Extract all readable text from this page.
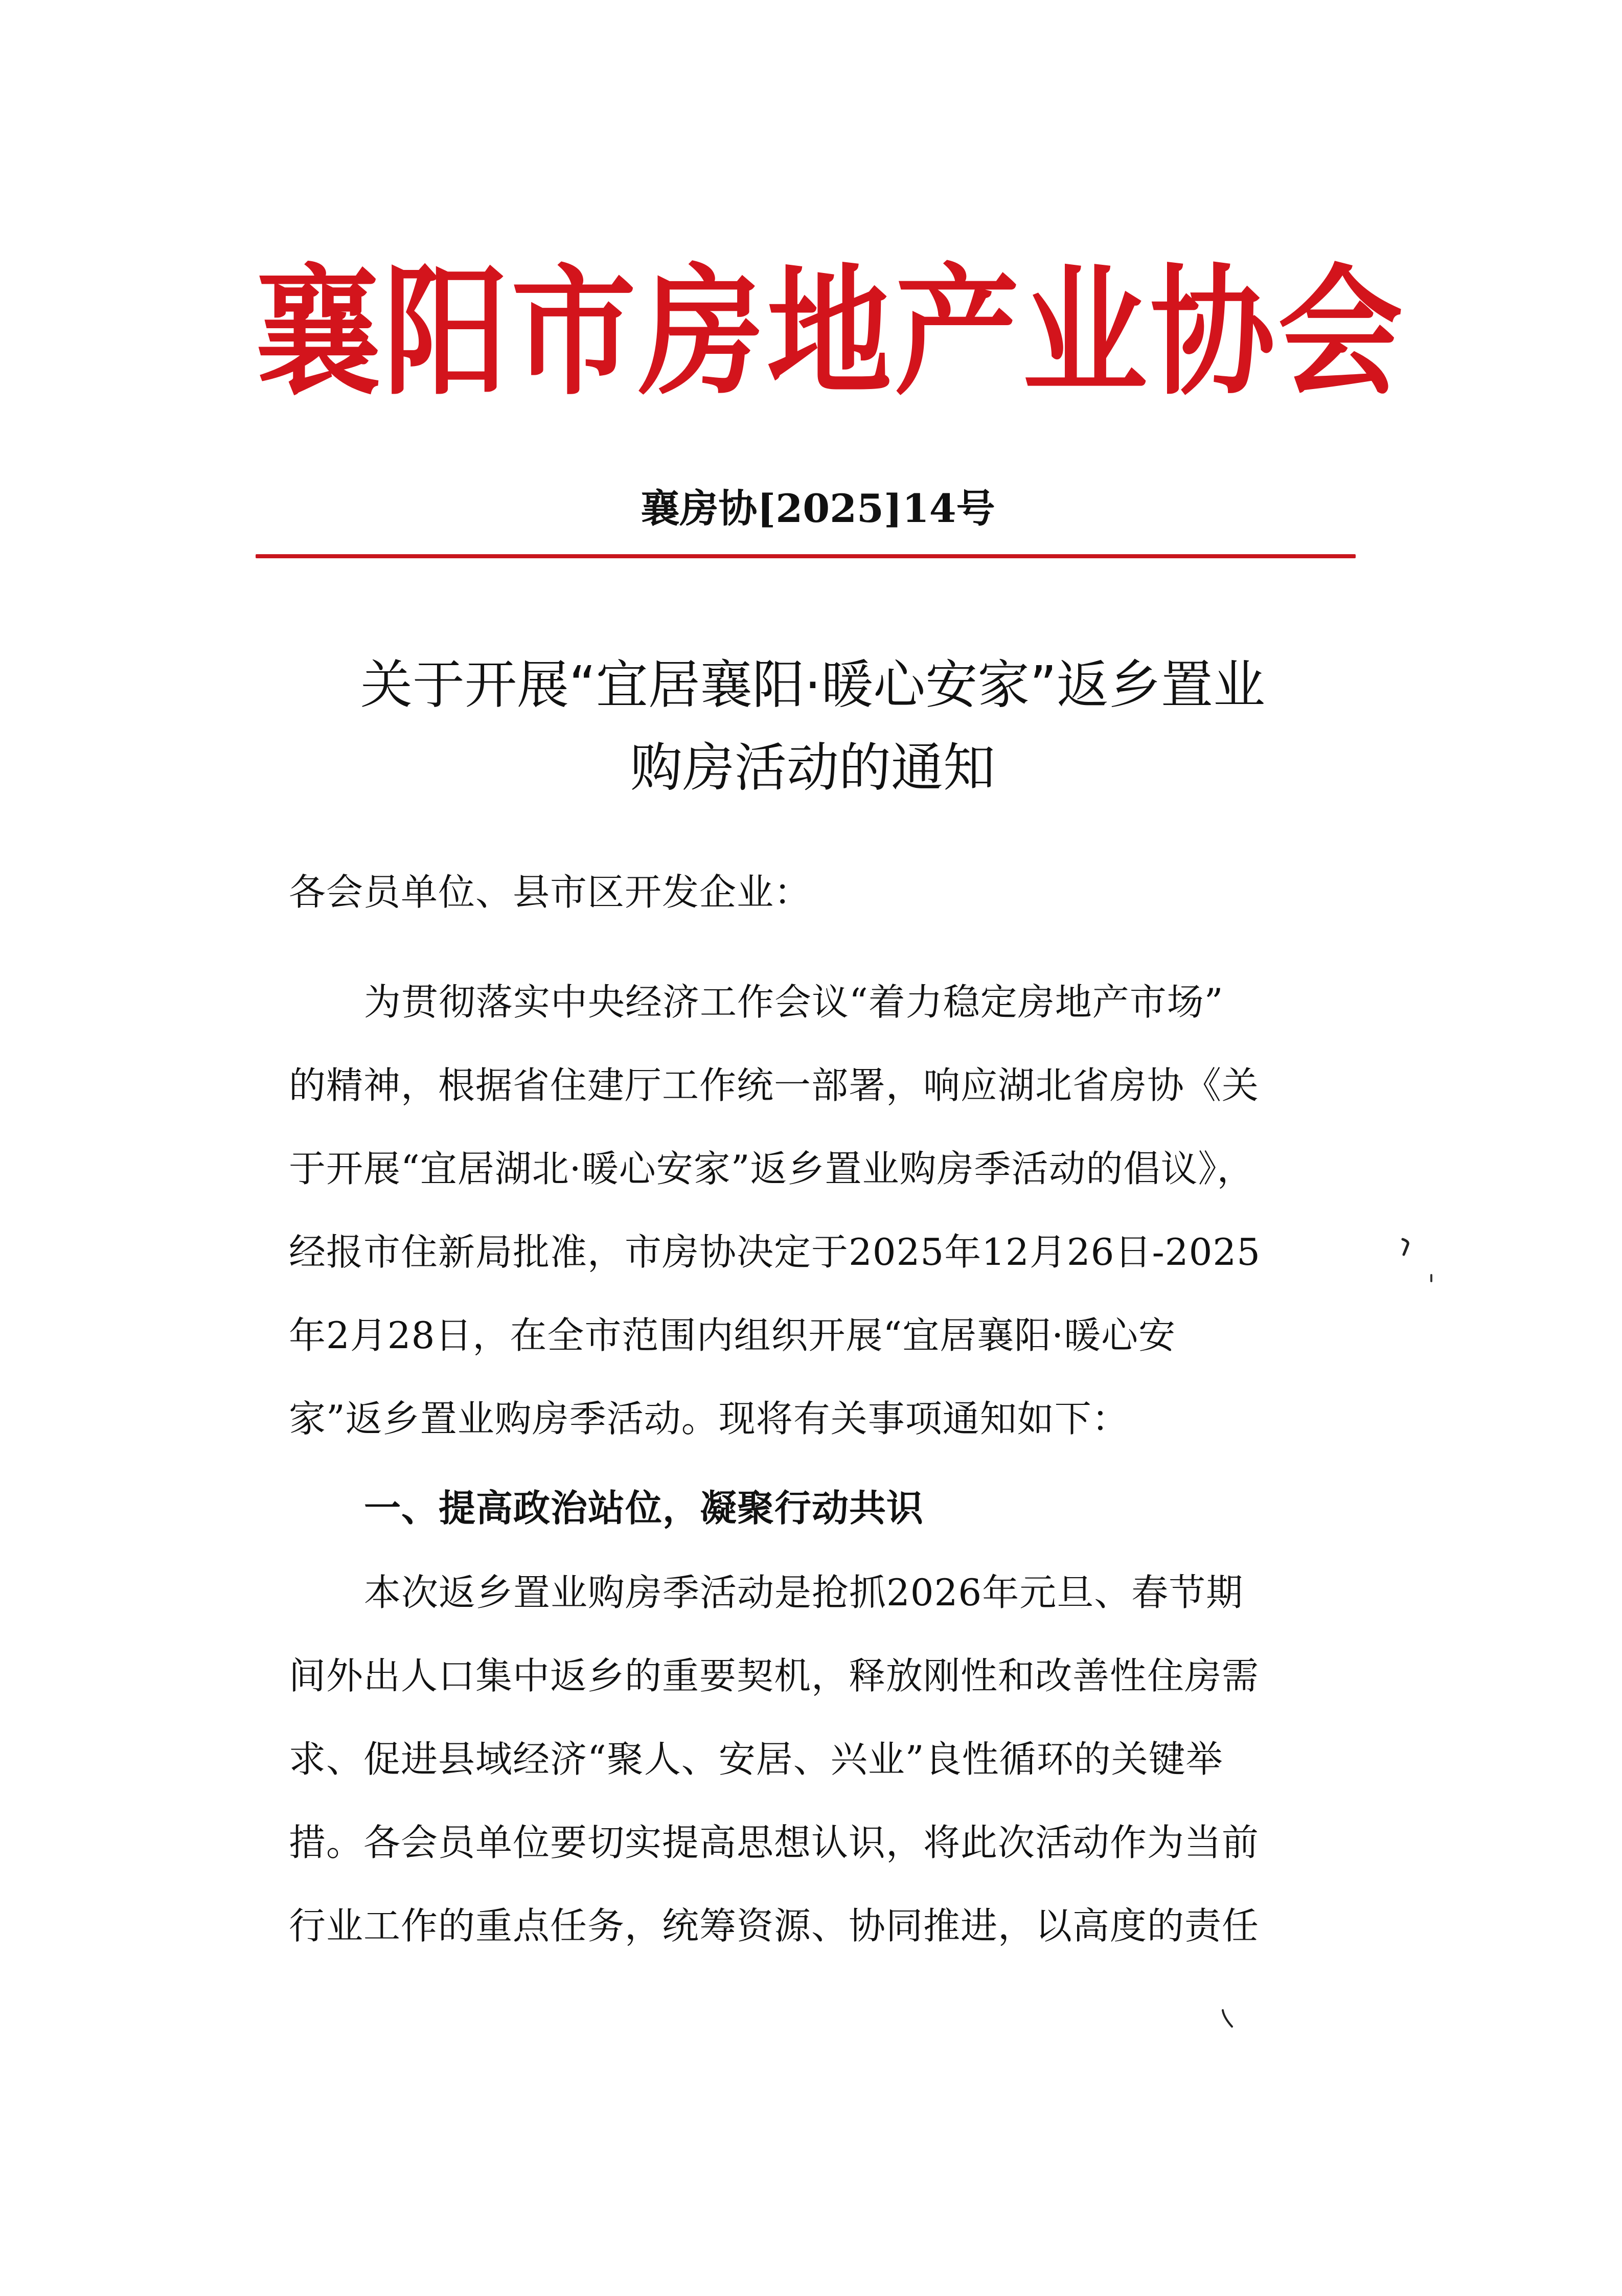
襄阳市房地产业协会
襄房协[2025]14号
关于开展“宜居襄阳·暖心安家”返乡置业
购房活动的通知
各会员单位、县市区开发企业：
为贯彻落实中央经济工作会议“着力稳定房地产市场”
的精神，根据省住建厅工作统一部署，响应湖北省房协《关
于开展“宜居湖北·暖心安家”返乡置业购房季活动的倡议》，
经报市住新局批准，市房协决定于2025年12月26日-2025
年2月28日，在全市范围内组织开展“宜居襄阳·暖心安
家”返乡置业购房季活动。现将有关事项通知如下：
一、提高政治站位，凝聚行动共识
本次返乡置业购房季活动是抢抓2026年元旦、春节期
间外出人口集中返乡的重要契机，释放刚性和改善性住房需
求、促进县域经济“聚人、安居、兴业”良性循环的关键举
措。各会员单位要切实提高思想认识，将此次活动作为当前
行业工作的重点任务，统筹资源、协同推进，以高度的责任
